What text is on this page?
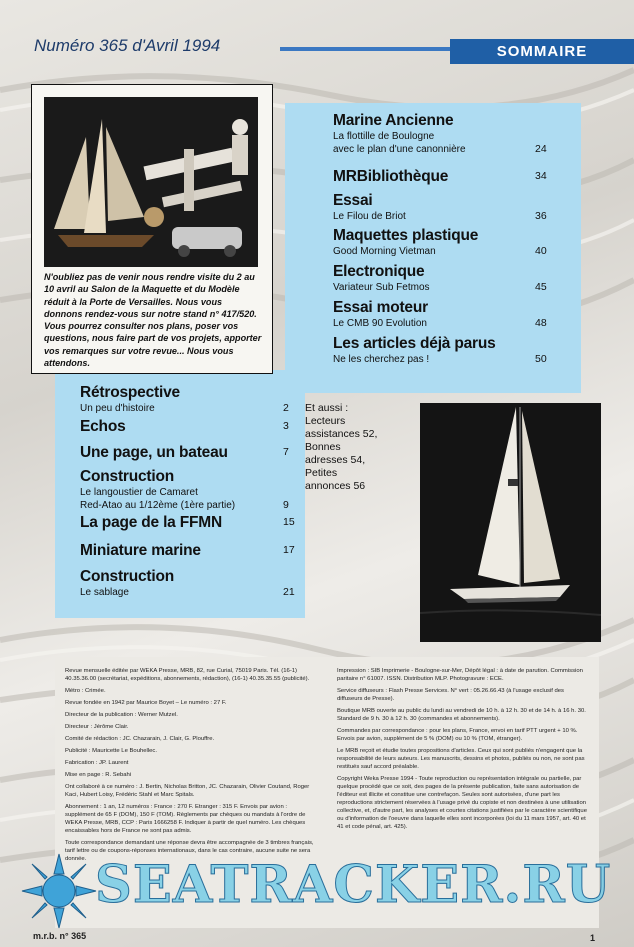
Numéro 365 d'Avril 1994	SOMMAIRE
N'oubliez pas de venir nous rendre visite du 2 au 10 avril au Salon de la Maquette et du Modèle réduit à la Porte de Versailles. Nous vous donnons rendez-vous sur notre stand n° 417/520. Vous pourrez consulter nos plans, poser vos questions, nous faire part de vos projets, apporter vos remarques sur votre revue... Nous vous attendons.
Marine Ancienne
La flottille de Boulogne
avec le plan d'une canonnière	24
MRBibliothèque	34
Essai
Le Filou de Briot	36
Maquettes plastique
Good Morning Vietman	40
Electronique
Variateur Sub Fetmos	45
Essai moteur
Le CMB 90 Evolution	48
Les articles déjà parus
Ne les cherchez pas !	50
Rétrospective
Un peu d'histoire	2
Echos	3
Une page, un bateau	7
Construction
Le langoustier de Camaret
Red-Atao au 1/12ème (1ère partie)	9
La page de la FFMN	15
Miniature marine	17
Construction
Le sablage	21
Et aussi :
Lecteurs
assistances 52,
Bonnes
adresses 54,
Petites
annonces 56

Revue mensuelle éditée par WEKA Presse, MRB, 82, rue Curial, 75019 Paris. Tél. (16-1) 40.35.36.00 (secrétariat, expéditions, abonnements, rédaction), (16-1) 40.35.35.55 (publicité).

Métro : Crimée.

Revue fondée en 1942 par Maurice Boyet – Le numéro : 27 F.

Directeur de la publication : Werner Mutzel.

Directeur : Jérôme Clair.

Comité de rédaction : JC. Chazarain, J. Clair, G. Plouffre.

Publicité : Mauricette Le Bouhellec.

Fabrication : JP. Laurent

Mise en page : R. Sebahi

Ont collaboré à ce numéro : J. Bertin, Nicholas Britton, JC. Chazarain, Olivier Coutand, Roger Kaci, Hubert Loisy, Frédéric Stahl et Marc Spitals.

Abonnement : 1 an, 12 numéros : France : 270 F. Etranger : 315 F. Envois par avion : supplément de 65 F (DOM), 150 F (TOM). Règlements par chèques ou mandats à l'ordre de WEKA Presse, MRB, CCP : Paris 1666258 F. Indiquer à partir de quel numéro. Les chèques encaissables hors de France ne sont pas admis.

Toute correspondance demandant une réponse devra être accompagnée de 3 timbres français, tarif lettre ou de coupons-réponses internationaux, dans le cas contraire, aucune suite ne sera donnée.

Impression : SIB Imprimerie - Boulogne-sur-Mer, Dépôt légal : à date de parution. Commission paritaire n° 61007. ISSN. Distribution MLP. Photogravure : ECE.

Service diffuseurs : Flash Presse Services. N° vert : 05.26.66.43 (à l'usage exclusif des diffuseurs de Presse).

Boutique MRB ouverte au public du lundi au vendredi de 10 h. à 12 h. 30 et de 14 h. à 16 h. 30. Standard de 9 h. 30 à 12 h. 30 (commandes et abonnements).

Commandes par correspondance : pour les plans, France, envoi en tarif PTT urgent + 10 %. Envois par avion, supplément de 5 % (DOM) ou 10 % (TOM, étranger).

Le MRB reçoit et étudie toutes propositions d'articles. Ceux qui sont publiés n'engagent que la responsabilité de leurs auteurs. Les manuscrits, dessins et photos, publiés ou non, ne sont pas restitués sauf accord préalable.

Copyright Weka Presse 1994 - Toute reproduction ou représentation intégrale ou partielle, par quelque procédé que ce soit, des pages de la présente publication, faite sans autorisation de l'éditeur est illicite et constitue une contrefaçon. Seules sont autorisées, d'une part les reproductions strictement réservées à l'usage privé du copiste et non destinées à une utilisation collective, et, d'autre part, les analyses et courtes citations justifiées par le caractère scientifique ou d'information de l'oeuvre dans laquelle elles sont incorporées (loi du 11 mars 1957, art. 40 et 41 et code pénal, art. 425).

SEATRACKER.RU
m.r.b. n° 365	1
